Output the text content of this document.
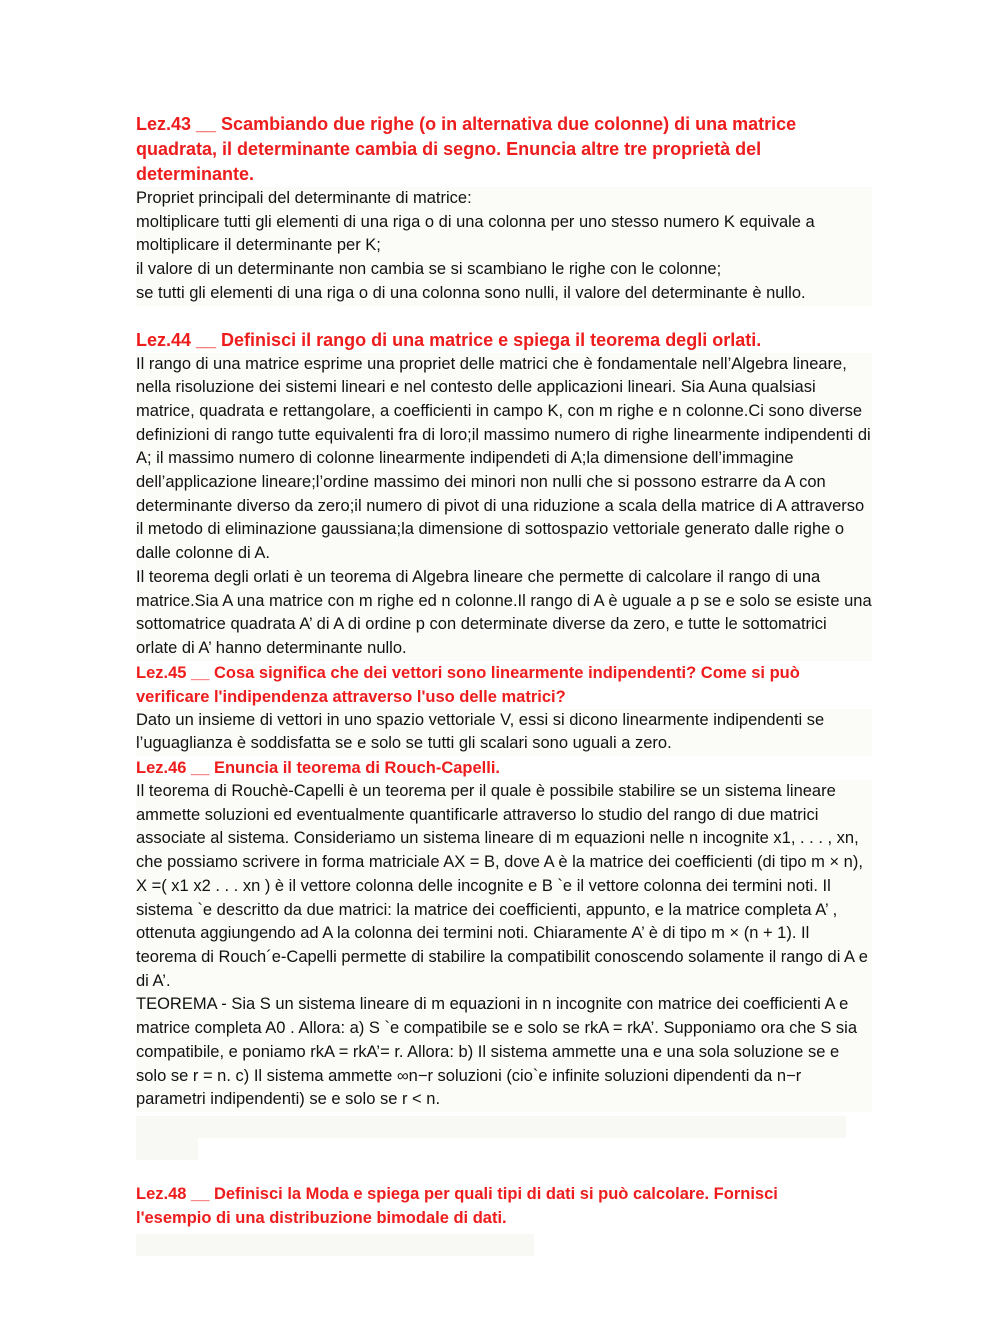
Lez.43 __ Scambiando due righe (o in alternativa due colonne) di una matrice quadrata, il determinante cambia di segno. Enuncia altre tre proprietà del determinante.

Propriet principali del determinante di matrice:

moltiplicare tutti gli elementi di una riga o di una colonna per uno stesso numero K equivale a moltiplicare il determinante per K;

il valore di un determinante non cambia se si scambiano le righe con le colonne;

se tutti gli elementi di una riga o di una colonna sono nulli, il valore del determinante è nullo.

Lez.44 __ Definisci il rango di una matrice e spiega il teorema degli orlati.

Il rango di una matrice esprime una propriet delle matrici che è fondamentale nell’Algebra lineare, nella risoluzione dei sistemi lineari e nel contesto delle applicazioni lineari. Sia Auna qualsiasi matrice, quadrata e rettangolare, a coefficienti in campo K, con m righe e n colonne.Ci sono diverse definizioni di rango tutte equivalenti fra di loro;il massimo numero di righe linearmente indipendenti di A; il massimo numero di colonne linearmente indipendeti di A;la dimensione dell’immagine dell’applicazione lineare;l’ordine massimo dei minori non nulli che si possono estrarre da A con determinante diverso da zero;il numero di pivot di una riduzione a scala della matrice di A attraverso il metodo di eliminazione gaussiana;la dimensione di sottospazio vettoriale generato dalle righe o dalle colonne di A.

Il teorema degli orlati è un teorema di Algebra lineare che permette di calcolare il rango di una matrice.Sia A una matrice con m righe ed n colonne.Il rango di A è uguale a p se e solo se esiste una sottomatrice quadrata A’ di A di ordine p con determinate diverse da zero, e tutte le sottomatrici orlate di A’ hanno determinante nullo.

Lez.45 __ Cosa significa che dei vettori sono linearmente indipendenti? Come si può verificare l'indipendenza attraverso l'uso delle matrici?

Dato un insieme di vettori in uno spazio vettoriale V, essi si dicono linearmente indipendenti se l’uguaglianza è soddisfatta se e solo se tutti gli scalari sono uguali a zero.

Lez.46 __ Enuncia il teorema di Rouch-Capelli.

Il teorema di Rouchè-Capelli è un teorema per il quale è possibile stabilire se un sistema lineare ammette soluzioni ed eventualmente quantificarle attraverso lo studio del rango di due matrici associate al sistema. Consideriamo un sistema lineare di m equazioni nelle n incognite x1, . . . , xn, che possiamo scrivere in forma matriciale AX = B, dove A è la matrice dei coefficienti (di tipo m × n), X =( x1 x2 . . . xn ) è il vettore colonna delle incognite e B `e il vettore colonna dei termini noti. Il sistema `e descritto da due matrici: la matrice dei coefficienti, appunto, e la matrice completa A’ , ottenuta aggiungendo ad A la colonna dei termini noti. Chiaramente A’ è di tipo m × (n + 1). Il teorema di Rouch´e-Capelli permette di stabilire la compatibilit conoscendo solamente il rango di A e di A’.

TEOREMA - Sia S un sistema lineare di m equazioni in n incognite con matrice dei coefficienti A e matrice completa A0 . Allora: a) S `e compatibile se e solo se rkA = rkA’. Supponiamo ora che S sia compatibile, e poniamo rkA = rkA’= r. Allora: b) Il sistema ammette una e una sola soluzione se e solo se r = n. c) Il sistema ammette ∞n−r soluzioni (cio`e infinite soluzioni dipendenti da n−r parametri indipendenti) se e solo se r < n.

Lez.48 __ Definisci la Moda e spiega per quali tipi di dati si può calcolare. Fornisci l'esempio di una distribuzione bimodale di dati.
